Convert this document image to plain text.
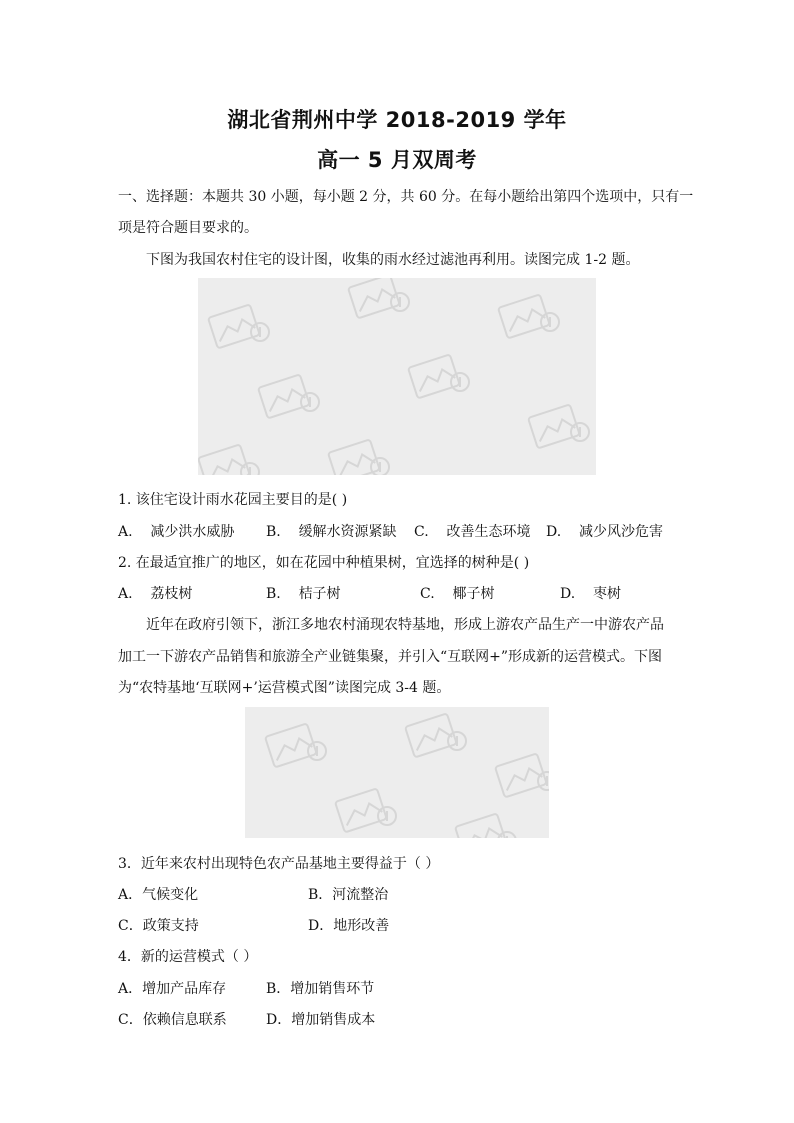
湖北省荆州中学 2018-2019 学年
高一 5 月双周考
一、选择题：本题共 30 小题，每小题 2 分，共 60 分。在每小题给出第四个选项中，只有一
项是符合题目要求的。
下图为我国农村住宅的设计图，收集的雨水经过滤池再利用。读图完成 1-2 题。
1. 该住宅设计雨水花园主要目的是( )
A. 减少洪水威胁 B. 缓解水资源紧缺 C. 改善生态环境 D. 减少风沙危害
2. 在最适宜推广的地区，如在花园中种植果树，宜选择的树种是( )
A. 荔枝树	B. 桔子树	C. 椰子树	D. 枣树
近年在政府引领下，浙江多地农村涌现农特基地，形成上游农产品生产一中游农产品
加工一下游农产品销售和旅游全产业链集聚，并引入“互联网+”形成新的运营模式。下图
为“农特基地‘互联网+’运营模式图”读图完成 3-4 题。
3．近年来农村出现特色农产品基地主要得益于（ ）
A．气候变化	B．河流整治
C．政策支持	D．地形改善
4．新的运营模式（ ）
A．增加产品库存	B．增加销售环节
C．依赖信息联系	D．增加销售成本
